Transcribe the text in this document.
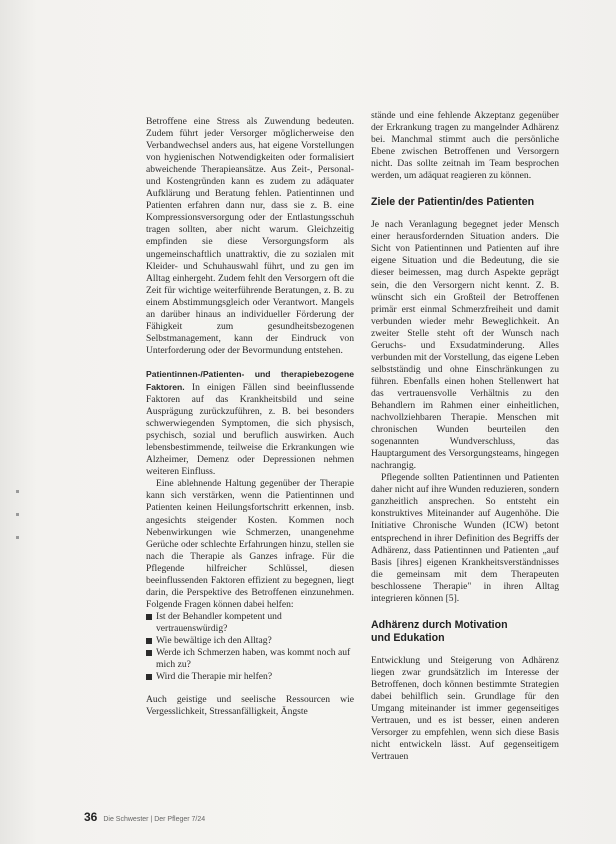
Betroffene eine Stress als Zuwendung bedeuten. Zudem führt jeder Versorger möglicherweise den Verbandwechsel anders aus, hat eigene Vorstellungen von hygienischen Notwendigkeiten oder formalisiert abweichende Therapieansätze. Aus Zeit-, Personal- und Kostengründen kann es zudem zu adäquater Aufklärung und Beratung fehlen. Patientinnen und Patienten erfahren dann nur, dass sie z. B. eine Kompressionsversorgung oder der Entlastungsschuh tragen sollten, aber nicht warum. Gleichzeitig empfinden sie diese Versorgungsform als ungemeinschaftlich unattraktiv, die zu sozialen mit Kleider- und Schuhauswahl führt, und zu gen im Alltag einhergeht. Zudem fehlt den Versorgern oft die Zeit für wichtige weiterführende Beratungen, z. B. zu einem Abstimmungsgleich oder Verantwort. Mangels an darüber hinaus an individueller Förderung der Fähigkeit zum gesundheitsbezogenen Selbstmanagement, kann der Eindruck von Unterforderung oder der Bevormundung entstehen.

Patientinnen-/Patienten- und therapiebezogene Faktoren. In einigen Fällen sind beeinflussende Faktoren auf das Krankheitsbild und seine Ausprägung zurückzuführen, z. B. bei besonders schwerwiegenden Symptomen, die sich physisch, psychisch, sozial und beruflich auswirken. Auch lebensbestimmende, teilweise die Erkrankungen wie Alzheimer, Demenz oder Depressionen nehmen weiteren Einfluss.

Eine ablehnende Haltung gegenüber der Therapie kann sich verstärken, wenn die Patientinnen und Patienten keinen Heilungsfortschritt erkennen, insb. angesichts steigender Kosten. Kommen noch Nebenwirkungen wie Schmerzen, unangenehme Gerüche oder schlechte Erfahrungen hinzu, stellen sie nach die Therapie als Ganzes infrage. Für die Pflegende hilfreicher Schlüssel, diesen beeinflussenden Faktoren effizient zu begegnen, liegt darin, die Perspektive des Betroffenen einzunehmen. Folgende Fragen können dabei helfen:

Ist der Behandler kompetent und vertrauenswürdig?
Wie bewältige ich den Alltag?
Werde ich Schmerzen haben, was kommt noch auf mich zu?
Wird die Therapie mir helfen?

Auch geistige und seelische Ressourcen wie Vergesslichkeit, Stressanfälligkeit, Ängste

stände und eine fehlende Akzeptanz gegenüber der Erkrankung tragen zu mangelnder Adhärenz bei. Manchmal stimmt auch die persönliche Ebene zwischen Betroffenen und Versorgern nicht. Das sollte zeitnah im Team besprochen werden, um adäquat reagieren zu können.

Ziele der Patientin/des Patienten

Je nach Veranlagung begegnet jeder Mensch einer herausfordernden Situation anders. Die Sicht von Patientinnen und Patienten auf ihre eigene Situation und die Bedeutung, die sie dieser beimessen, mag durch Aspekte geprägt sein, die den Versorgern nicht kennt. Z. B. wünscht sich ein Großteil der Betroffenen primär erst einmal Schmerzfreiheit und damit verbunden wieder mehr Beweglichkeit. An zweiter Stelle steht oft der Wunsch nach Geruchs- und Exsudatminderung. Alles verbunden mit der Vorstellung, das eigene Leben selbstständig und ohne Einschränkungen zu führen. Ebenfalls einen hohen Stellenwert hat das vertrauensvolle Verhältnis zu den Behandlern im Rahmen einer einheitlichen, nachvollziehbaren Therapie. Menschen mit chronischen Wunden beurteilen den sogenannten Wundverschluss, das Hauptargument des Versorgungsteams, hingegen nachrangig.

Pflegende sollten Patientinnen und Patienten daher nicht auf ihre Wunden reduzieren, sondern ganzheitlich ansprechen. So entsteht ein konstruktives Miteinander auf Augenhöhe. Die Initiative Chronische Wunden (ICW) betont entsprechend in ihrer Definition des Begriffs der Adhärenz, dass Patientinnen und Patienten „auf Basis [ihres] eigenen Krankheitsverständnisses die gemeinsam mit dem Therapeuten beschlossene Therapie" in ihren Alltag integrieren können [5].

Adhärenz durch Motivation
und Edukation

Entwicklung und Steigerung von Adhärenz liegen zwar grundsätzlich im Interesse der Betroffenen, doch können bestimmte Strategien dabei behilflich sein. Grundlage für den Umgang miteinander ist immer gegenseitiges Vertrauen, und es ist besser, einen anderen Versorger zu empfehlen, wenn sich diese Basis nicht entwickeln lässt. Auf gegenseitigem Vertrauen

36 Die Schwester | Der Pfleger 7/24
